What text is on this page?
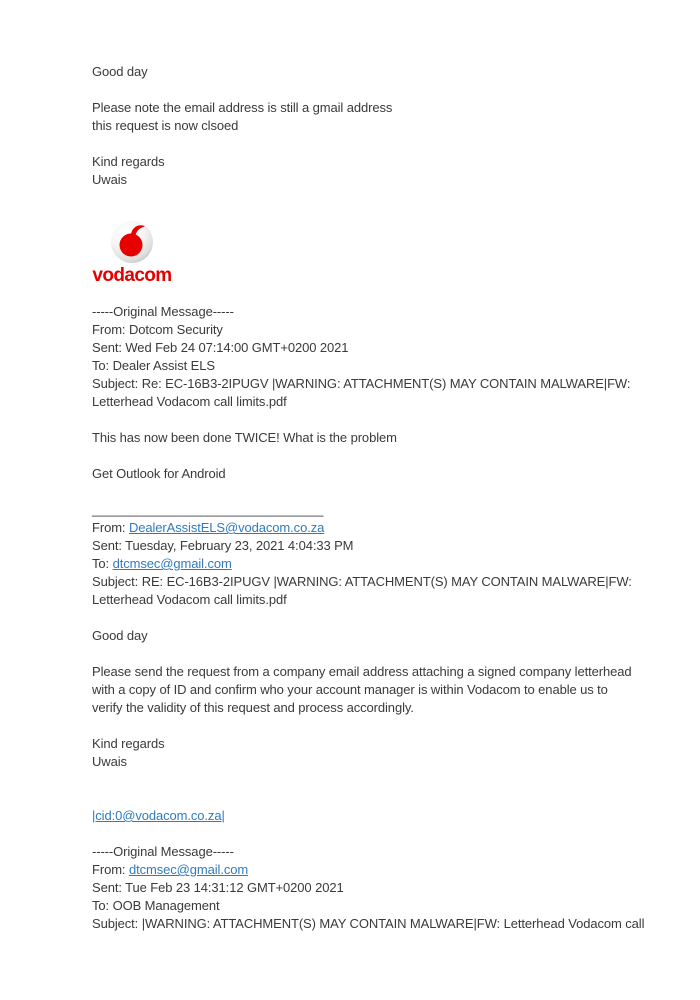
Good day
Please note the email address is still a gmail address
this request is now clsoed
Kind regards
Uwais
vodacom
-----Original Message-----
From: Dotcom Security
Sent: Wed Feb 24 07:14:00 GMT+0200 2021
To: Dealer Assist ELS
Subject: Re: EC-16B3-2IPUGV |WARNING: ATTACHMENT(S) MAY CONTAIN MALWARE|FW:
Letterhead Vodacom call limits.pdf
This has now been done TWICE! What is the problem
Get Outlook for Android
________________________________
From: DealerAssistELS@vodacom.co.za
Sent: Tuesday, February 23, 2021 4:04:33 PM
To: dtcmsec@gmail.com
Subject: RE: EC-16B3-2IPUGV |WARNING: ATTACHMENT(S) MAY CONTAIN MALWARE|FW:
Letterhead Vodacom call limits.pdf
Good day
Please send the request from a company email address attaching a signed company letterhead
with a copy of ID and confirm who your account manager is within Vodacom to enable us to
verify the validity of this request and process accordingly.
Kind regards
Uwais
|cid:0@vodacom.co.za|
-----Original Message-----
From: dtcmsec@gmail.com
Sent: Tue Feb 23 14:31:12 GMT+0200 2021
To: OOB Management
Subject: |WARNING: ATTACHMENT(S) MAY CONTAIN MALWARE|FW: Letterhead Vodacom call
